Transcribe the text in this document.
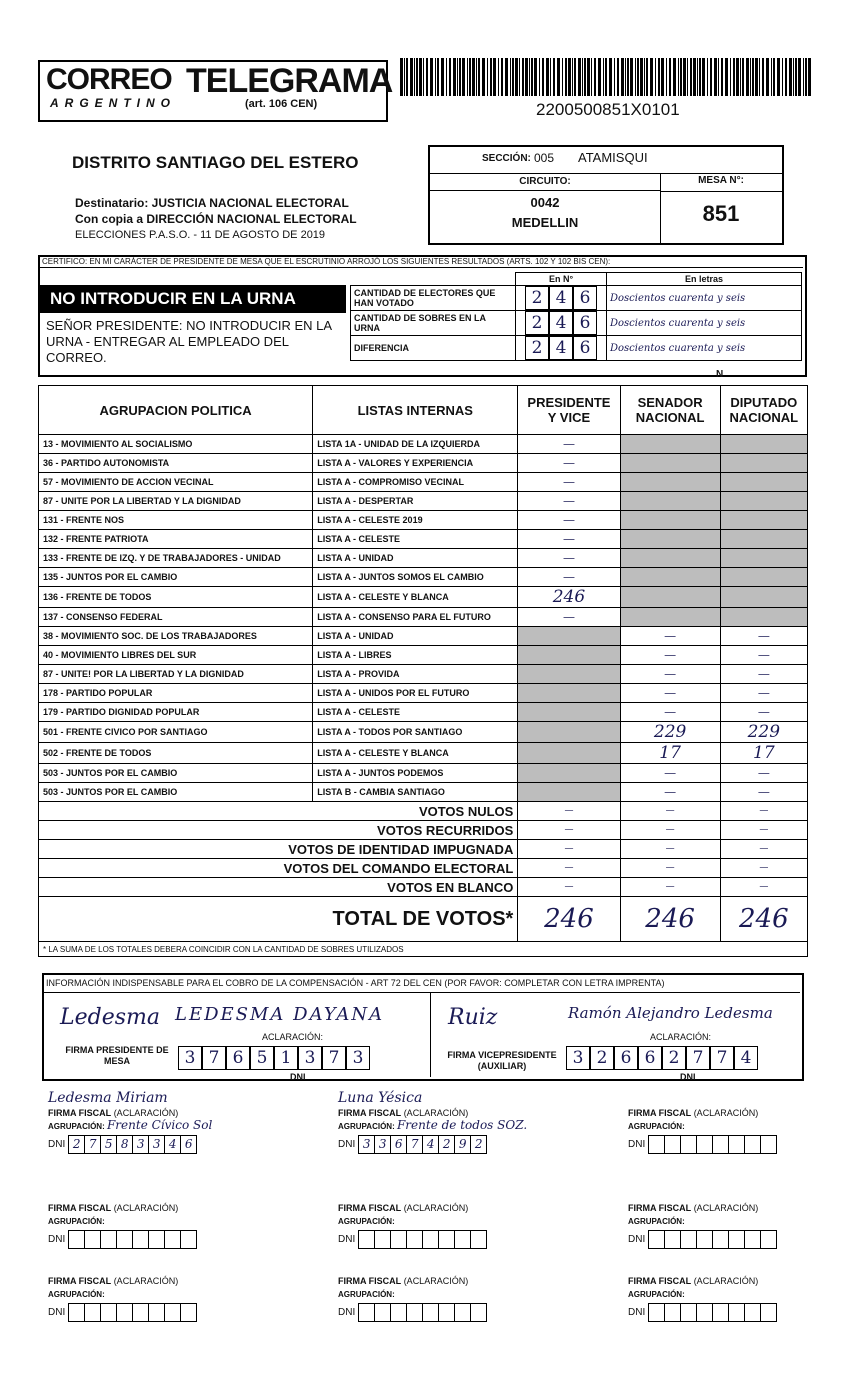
CORREO TELEGRAMA
ARGENTINO	(art. 106 CEN)	2200500851X0101
DISTRITO SANTIAGO DEL ESTERO
Destinatario: JUSTICIA NACIONAL ELECTORAL
Con copia a DIRECCIÓN NACIONAL ELECTORAL
ELECCIONES P.A.S.O. - 11 DE AGOSTO DE 2019
SECCIÓN: 005 ATAMISQUI
CIRCUITO:	MESA N°:
851
0042
MEDELLIN
CERTIFICO: EN MI CARÁCTER DE PRESIDENTE DE MESA QUE EL ESCRUTINIO ARROJÓ LOS SIGUIENTES RESULTADOS (ARTS. 102 Y 102 BIS CEN):
NO INTRODUCIR EN LA URNA
SEÑOR PRESIDENTE: NO INTRODUCIR EN LA URNA - ENTREGAR AL EMPLEADO DEL CORREO.
	En N°	En letras
CANTIDAD DE ELECTORES QUE HAN VOTADO	2 4 6	Doscientos cuarenta y seis
CANTIDAD DE SOBRES EN LA URNA	2 4 6	Doscientos cuarenta y seis
DIFERENCIA	2 4 6	Doscientos cuarenta y seis
N
AGRUPACION POLITICA	LISTAS INTERNAS	PRESIDENTE Y VICE	SENADOR NACIONAL	DIPUTADO NACIONAL
13 - MOVIMIENTO AL SOCIALISMO	LISTA 1A - UNIDAD DE LA IZQUIERDA	—		
36 - PARTIDO AUTONOMISTA	LISTA A - VALORES Y EXPERIENCIA	—		
57 - MOVIMIENTO DE ACCION VECINAL	LISTA A - COMPROMISO VECINAL	—		
87 - UNITE POR LA LIBERTAD Y LA DIGNIDAD	LISTA A - DESPERTAR	—		
131 - FRENTE NOS	LISTA A - CELESTE 2019	—		
132 - FRENTE PATRIOTA	LISTA A - CELESTE	—		
133 - FRENTE DE IZQ. Y DE TRABAJADORES - UNIDAD	LISTA A - UNIDAD	—		
135 - JUNTOS POR EL CAMBIO	LISTA A - JUNTOS SOMOS EL CAMBIO	—		
136 - FRENTE DE TODOS	LISTA A - CELESTE Y BLANCA	246		
137 - CONSENSO FEDERAL	LISTA A - CONSENSO PARA EL FUTURO	—		
38 - MOVIMIENTO SOC. DE LOS TRABAJADORES	LISTA A - UNIDAD		—	—
40 - MOVIMIENTO LIBRES DEL SUR	LISTA A - LIBRES		—	—
87 - UNITE! POR LA LIBERTAD Y LA DIGNIDAD	LISTA A - PROVIDA		—	—
178 - PARTIDO POPULAR	LISTA A - UNIDOS POR EL FUTURO		—	—
179 - PARTIDO DIGNIDAD POPULAR	LISTA A - CELESTE		—	—
501 - FRENTE CIVICO POR SANTIAGO	LISTA A - TODOS POR SANTIAGO		229	229
502 - FRENTE DE TODOS	LISTA A - CELESTE Y BLANCA		17	17
503 - JUNTOS POR EL CAMBIO	LISTA A - JUNTOS PODEMOS		—	—
503 - JUNTOS POR EL CAMBIO	LISTA B - CAMBIA SANTIAGO		—	—
VOTOS NULOS		—	—	—
VOTOS RECURRIDOS		—	—	—
VOTOS DE IDENTIDAD IMPUGNADA		—	—	—
VOTOS DEL COMANDO ELECTORAL		—	—	—
VOTOS EN BLANCO		—	—	—
TOTAL DE VOTOS*		246	246	246
* LA SUMA DE LOS TOTALES DEBERA COINCIDIR CON LA CANTIDAD DE SOBRES UTILIZADOS				
INFORMACIÓN INDISPENSABLE PARA EL COBRO DE LA COMPENSACIÓN - ART 72 DEL CEN (POR FAVOR: COMPLETAR CON LETRA IMPRENTA)
Ledesma LEDESMA DAYANA
ACLARACIÓN:
FIRMA PRESIDENTE DE MESA	3 7 6 5 1 3 7 3
DNI
Ruiz	Ramón Alejandro Ledesma
ACLARACIÓN:
FIRMA VICEPRESIDENTE (AUXILIAR)	3 2 6 6 2 7 7 4
DNI
Ledesma Miriam
FIRMA FISCAL (ACLARACIÓN)
AGRUPACIÓN: Frente Cívico Sol
DNI 2 7 5 8 3 3 4 6
Luna Yésica
FIRMA FISCAL (ACLARACIÓN)
AGRUPACIÓN: Frente de todos SOZ.
DNI 3 3 6 7 4 2 9 2
FIRMA FISCAL (ACLARACIÓN)
AGRUPACIÓN:
DNI
FIRMA FISCAL (ACLARACIÓN)
AGRUPACIÓN:
DNI
FIRMA FISCAL (ACLARACIÓN)
AGRUPACIÓN:
DNI
FIRMA FISCAL (ACLARACIÓN)
AGRUPACIÓN:
DNI
FIRMA FISCAL (ACLARACIÓN)
AGRUPACIÓN:
DNI
FIRMA FISCAL (ACLARACIÓN)
AGRUPACIÓN:
DNI
FIRMA FISCAL (ACLARACIÓN)
AGRUPACIÓN:
DNI
